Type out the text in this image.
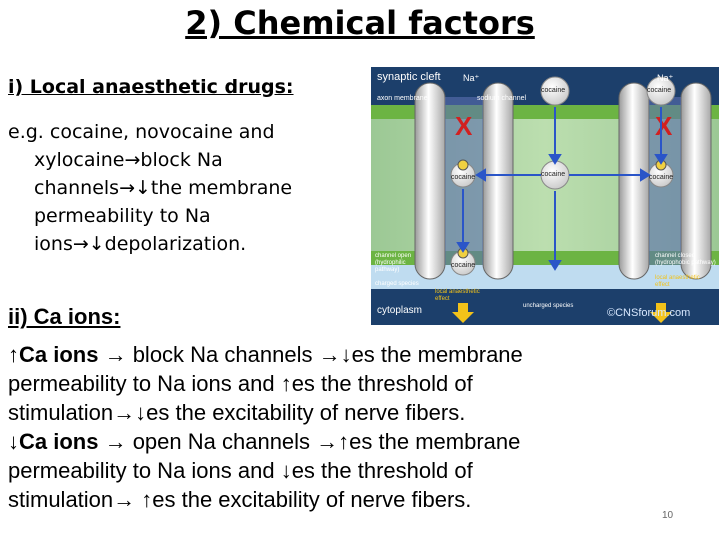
2) Chemical factors
i) Local anaesthetic drugs:
e.g. cocaine, novocaine and
xylocaine→block Na
channels→↓the membrane
permeability to Na
ions→↓depolarization.
X	X
synaptic cleft
axon membrane
Na⁺	Na⁺
sodium channel
cocaine	cocaine
cocaine	cocaine	cocaine
cocaine
channel open (hydrophilic pathway)
channel closed (hydrophobic pathway)
charged species
local anaesthetic effect
local anaesthetic effect
uncharged species
cytoplasm	©CNSforum.com
ii) Ca ions:
↑Ca ions → block Na channels →↓es the membrane
permeability to Na ions and ↑es the threshold of
stimulation→↓es the excitability of nerve fibers.
↓Ca ions → open Na channels →↑es the membrane
permeability to Na ions and ↓es the threshold of
stimulation→ ↑es the excitability of nerve fibers.
10
